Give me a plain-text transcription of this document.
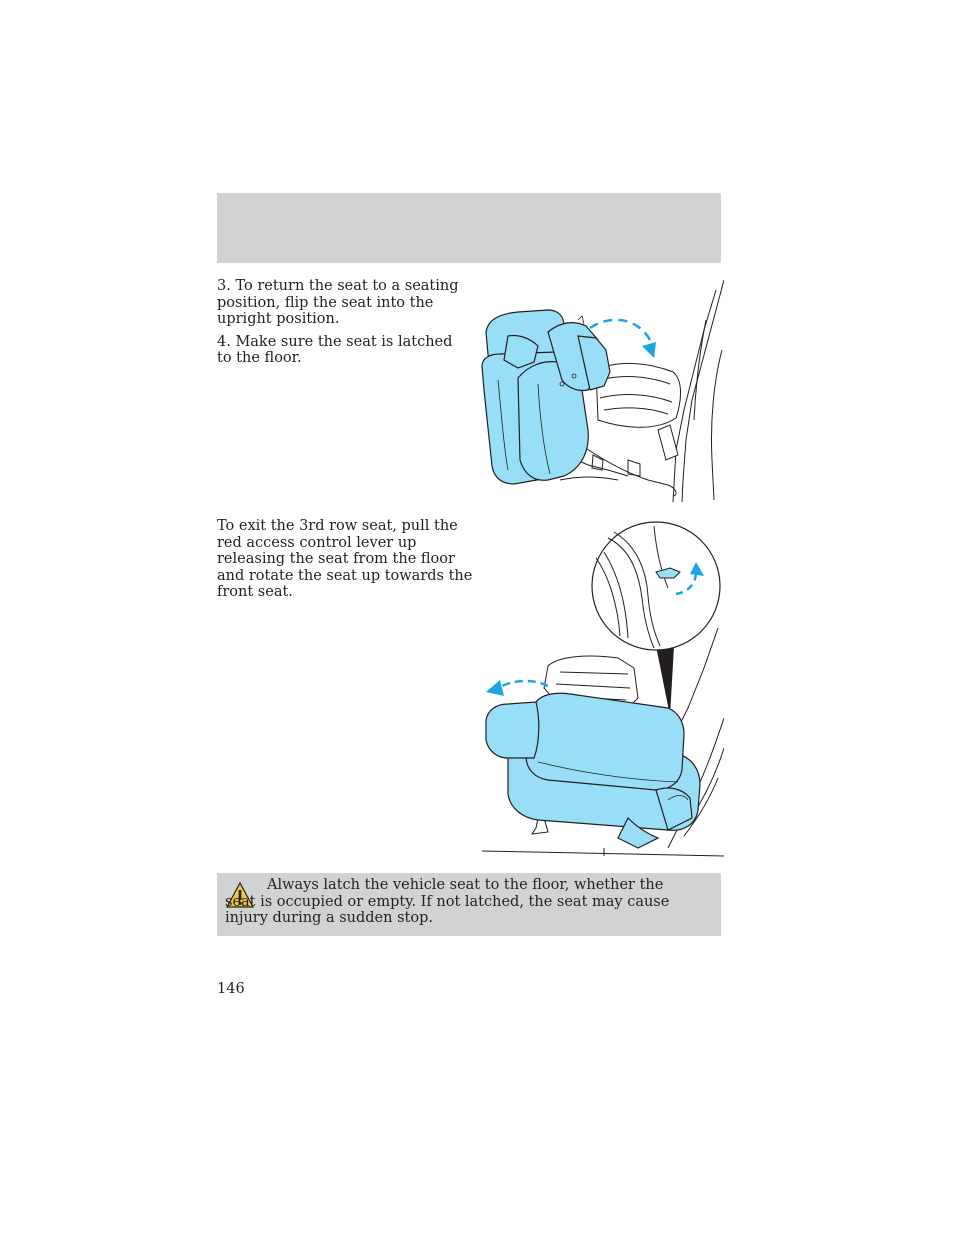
3. To return the seat to a seating position, flip the seat into the upright position.

4. Make sure the seat is latched to the floor.

To exit the 3rd row seat, pull the red access control lever up releasing the seat from the floor and rotate the seat up towards the front seat.
Always latch the vehicle seat to the floor, whether the seat is occupied or empty. If not latched, the seat may cause injury during a sudden stop.
146
